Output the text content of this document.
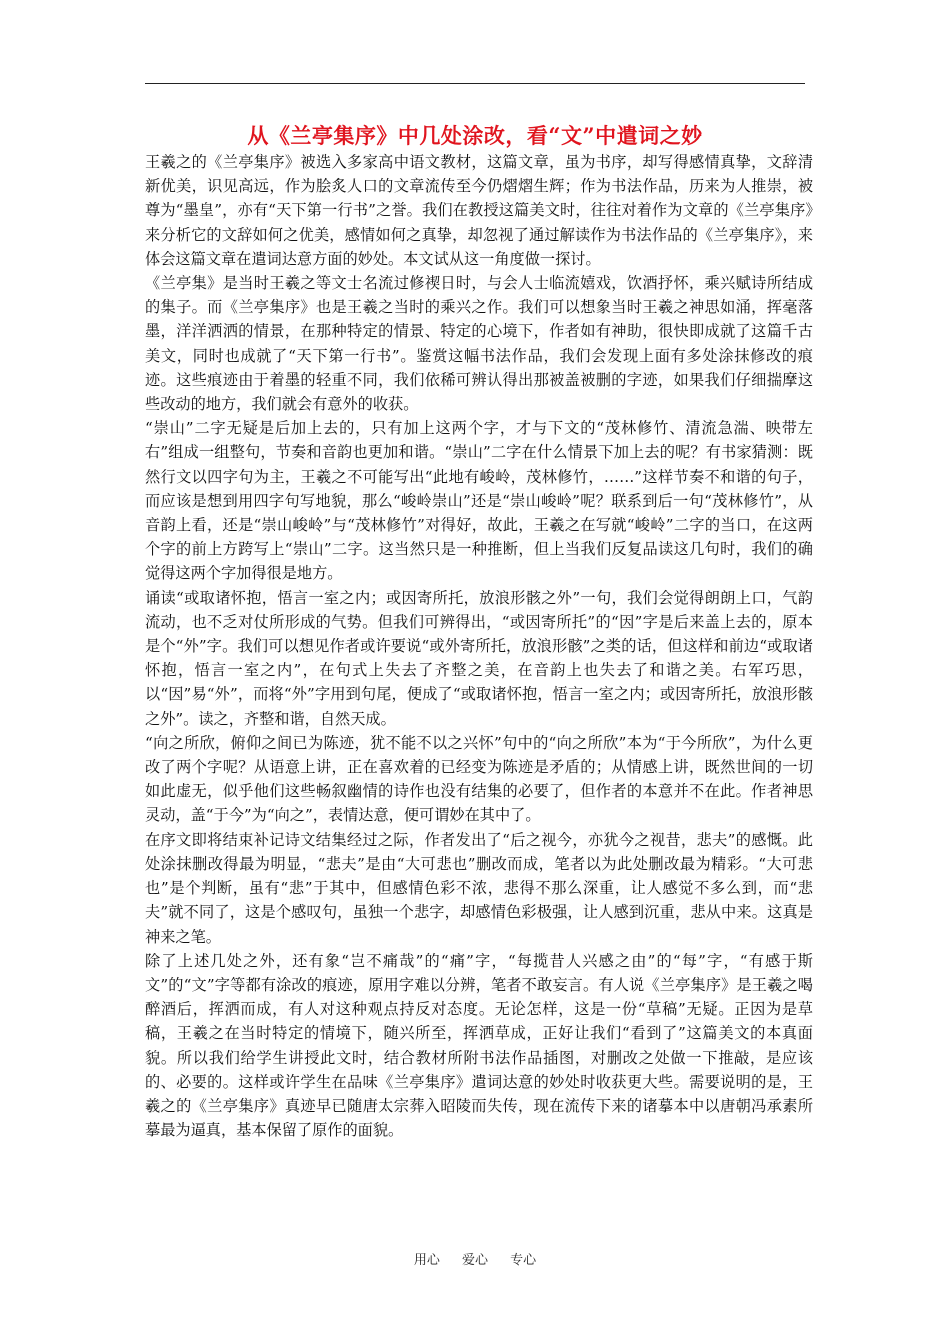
从《兰亭集序》中几处涂改，看“文”中遣词之妙

王羲之的《兰亭集序》被选入多家高中语文教材，这篇文章，虽为书序，却写得感情真挚，文辞清新优美，识见高远，作为脍炙人口的文章流传至今仍熠熠生辉；作为书法作品，历来为人推崇，被尊为“墨皇”，亦有“天下第一行书”之誉。我们在教授这篇美文时，往往对着作为文章的《兰亭集序》来分析它的文辞如何之优美，感情如何之真挚，却忽视了通过解读作为书法作品的《兰亭集序》，来体会这篇文章在遣词达意方面的妙处。本文试从这一角度做一探讨。

《兰亭集》是当时王羲之等文士名流过修禊日时，与会人士临流嬉戏，饮酒抒怀，乘兴赋诗所结成的集子。而《兰亭集序》也是王羲之当时的乘兴之作。我们可以想象当时王羲之神思如涌，挥毫落墨，洋洋洒洒的情景，在那种特定的情景、特定的心境下，作者如有神助，很快即成就了这篇千古美文，同时也成就了“天下第一行书”。鉴赏这幅书法作品，我们会发现上面有多处涂抹修改的痕迹。这些痕迹由于着墨的轻重不同，我们依稀可辨认得出那被盖被删的字迹，如果我们仔细揣摩这些改动的地方，我们就会有意外的收获。

“崇山”二字无疑是后加上去的，只有加上这两个字，才与下文的“茂林修竹、清流急湍、映带左右”组成一组整句，节奏和音韵也更加和谐。“崇山”二字在什么情景下加上去的呢？有书家猜测：既然行文以四字句为主，王羲之不可能写出“此地有峻岭，茂林修竹，……”这样节奏不和谐的句子，而应该是想到用四字句写地貌，那么“峻岭崇山”还是“崇山峻岭”呢？联系到后一句“茂林修竹”，从音韵上看，还是“崇山峻岭”与“茂林修竹”对得好，故此，王羲之在写就“峻岭”二字的当口，在这两个字的前上方跨写上“崇山”二字。这当然只是一种推断，但上当我们反复品读这几句时，我们的确觉得这两个字加得很是地方。

诵读“或取诸怀抱，悟言一室之内；或因寄所托，放浪形骸之外”一句，我们会觉得朗朗上口，气韵流动，也不乏对仗所形成的气势。但我们可辨得出，“或因寄所托”的“因”字是后来盖上去的，原本是个“外”字。我们可以想见作者或许要说“或外寄所托，放浪形骸”之类的话，但这样和前边“或取诸怀抱，悟言一室之内”，在句式上失去了齐整之美，在音韵上也失去了和谐之美。右军巧思，以“因”易“外”，而将“外”字用到句尾，便成了“或取诸怀抱，悟言一室之内；或因寄所托，放浪形骸之外”。读之，齐整和谐，自然天成。

“向之所欣，俯仰之间已为陈迹，犹不能不以之兴怀”句中的“向之所欣”本为“于今所欣”，为什么更改了两个字呢？从语意上讲，正在喜欢着的已经变为陈迹是矛盾的；从情感上讲，既然世间的一切如此虚无，似乎他们这些畅叙幽情的诗作也没有结集的必要了，但作者的本意并不在此。作者神思灵动，盖“于今”为“向之”，表情达意，便可谓妙在其中了。

在序文即将结束补记诗文结集经过之际，作者发出了“后之视今，亦犹今之视昔，悲夫”的感慨。此处涂抹删改得最为明显，“悲夫”是由“大可悲也”删改而成，笔者以为此处删改最为精彩。“大可悲也”是个判断，虽有“悲”于其中，但感情色彩不浓，悲得不那么深重，让人感觉不多么到，而“悲夫”就不同了，这是个感叹句，虽独一个悲字，却感情色彩极强，让人感到沉重，悲从中来。这真是神来之笔。

除了上述几处之外，还有象“岂不痛哉”的“痛”字，“每揽昔人兴感之由”的“每”字，“有感于斯文”的“文”字等都有涂改的痕迹，原用字难以分辨，笔者不敢妄言。有人说《兰亭集序》是王羲之喝醉酒后，挥洒而成，有人对这种观点持反对态度。无论怎样，这是一份“草稿”无疑。正因为是草稿，王羲之在当时特定的情境下，随兴所至，挥洒草成，正好让我们“看到了”这篇美文的本真面貌。所以我们给学生讲授此文时，结合教材所附书法作品插图，对删改之处做一下推敲，是应该的、必要的。这样或许学生在品味《兰亭集序》遣词达意的妙处时收获更大些。需要说明的是，王羲之的《兰亭集序》真迹早已随唐太宗葬入昭陵而失传，现在流传下来的诸摹本中以唐朝冯承素所摹最为逼真，基本保留了原作的面貌。

用心 爱心 专心
